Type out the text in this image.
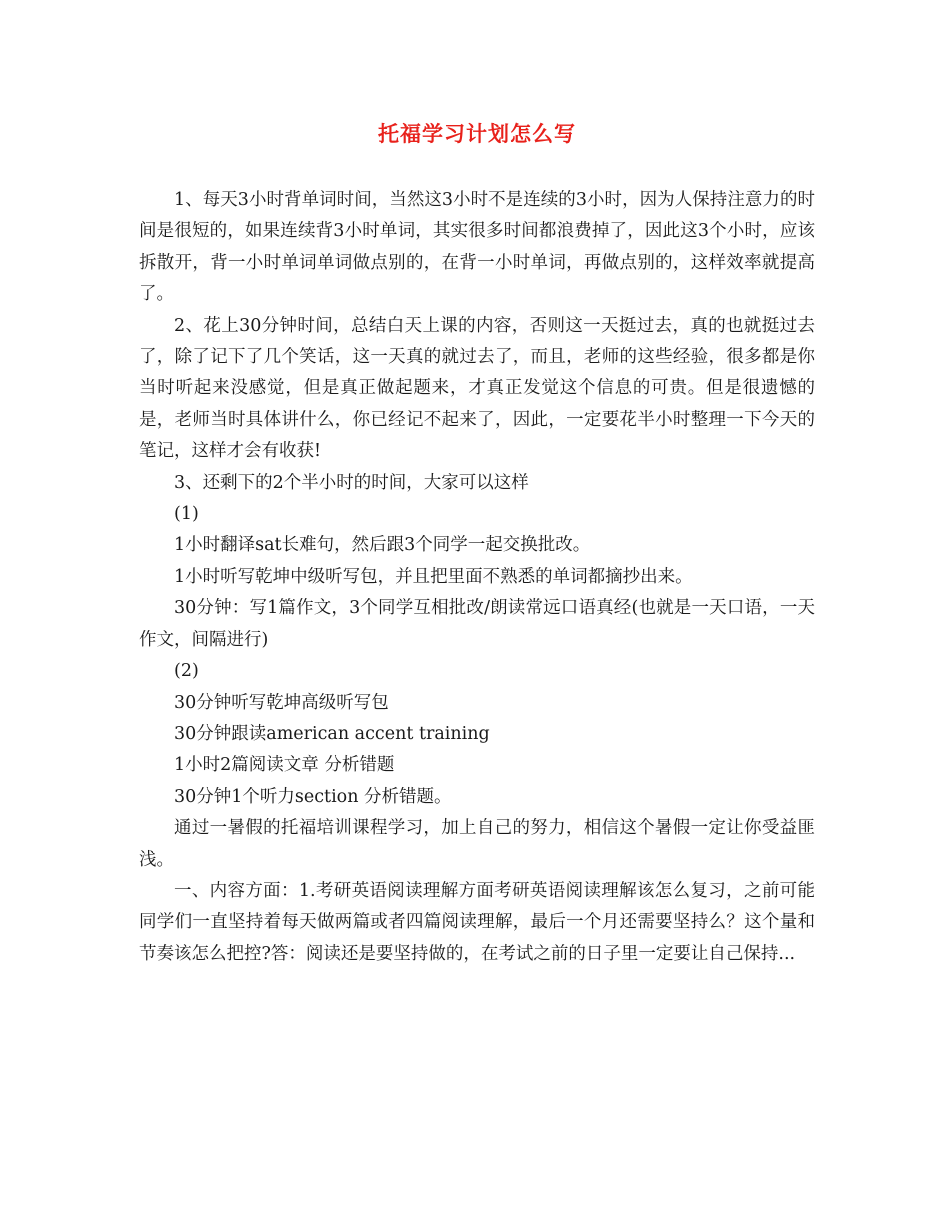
托福学习计划怎么写

1、每天3小时背单词时间，当然这3小时不是连续的3小时，因为人保持注意力的时间是很短的，如果连续背3小时单词，其实很多时间都浪费掉了，因此这3个小时，应该拆散开，背一小时单词单词做点别的，在背一小时单词，再做点别的，这样效率就提高了。

2、花上30分钟时间，总结白天上课的内容，否则这一天挺过去，真的也就挺过去了，除了记下了几个笑话，这一天真的就过去了，而且，老师的这些经验，很多都是你当时听起来没感觉，但是真正做起题来，才真正发觉这个信息的可贵。但是很遗憾的是，老师当时具体讲什么，你已经记不起来了，因此，一定要花半小时整理一下今天的笔记，这样才会有收获!

3、还剩下的2个半小时的时间，大家可以这样

(1)

1小时翻译sat长难句，然后跟3个同学一起交换批改。

1小时听写乾坤中级听写包，并且把里面不熟悉的单词都摘抄出来。

30分钟：写1篇作文，3个同学互相批改/朗读常远口语真经(也就是一天口语，一天作文，间隔进行)

(2)

30分钟听写乾坤高级听写包

30分钟跟读american accent training

1小时2篇阅读文章 分析错题

30分钟1个听力section 分析错题。

通过一暑假的托福培训课程学习，加上自己的努力，相信这个暑假一定让你受益匪浅。

一、内容方面：1.考研英语阅读理解方面考研英语阅读理解该怎么复习，之前可能同学们一直坚持着每天做两篇或者四篇阅读理解，最后一个月还需要坚持么？这个量和节奏该怎么把控?答：阅读还是要坚持做的，在考试之前的日子里一定要让自己保持...
